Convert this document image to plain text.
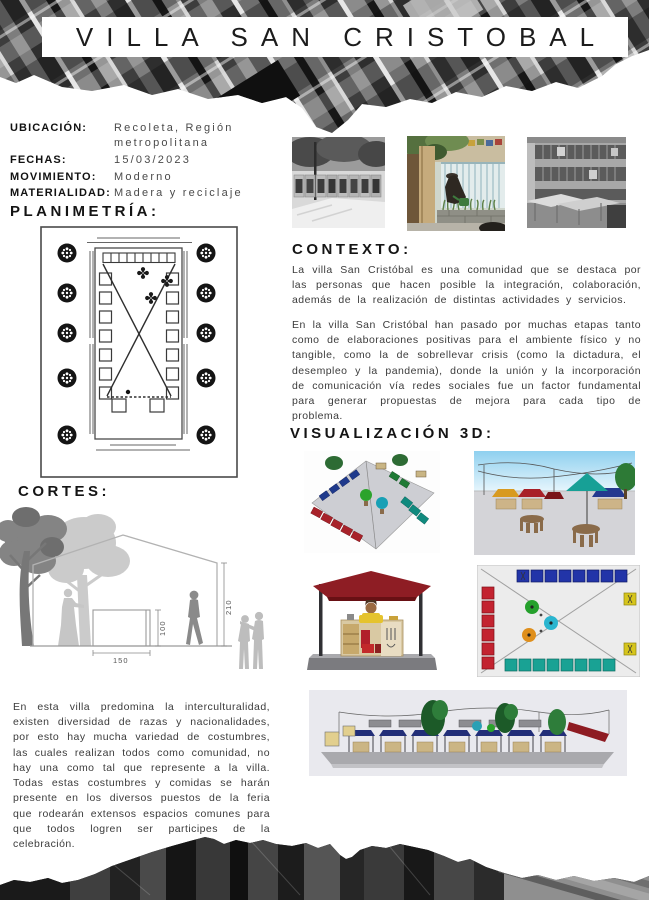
VILLA SAN CRISTOBAL
UBICACIÓN:	Recoleta, Región metropolitana
FECHAS:	15/03/2023
MOVIMIENTO:	Moderno
MATERIALIDAD: Madera y reciclaje
PLANIMETRÍA:
CONTEXTO:
La villa San Cristóbal es una comunidad que se destaca por las personas que hacen posible la integración, colaboración, además de la realización de distintas actividades y servicios.
En la villa San Cristóbal han pasado por muchas etapas tanto como de elaboraciones positivas para el ambiente físico y no tangible, como la de sobrellevar crisis (como la dictadura, el desempleo y la pandemia), donde la unión y la incorporación de comunicación vía redes sociales fue un factor fundamental para generar propuestas de mejora para cada tipo de problema.
VISUALIZACIÓN 3D:
CORTES:
100
210
150
En esta villa predomina la interculturalidad, existen diversidad de razas y nacionalidades, por esto hay mucha variedad de costumbres, las cuales realizan todos como comunidad, no hay una como tal que represente a la villa. Todas estas costumbres y comidas se harán presente en los diversos puestos de la feria que rodearán extensos espacios comunes para que todos logren ser participes de la celebración.
